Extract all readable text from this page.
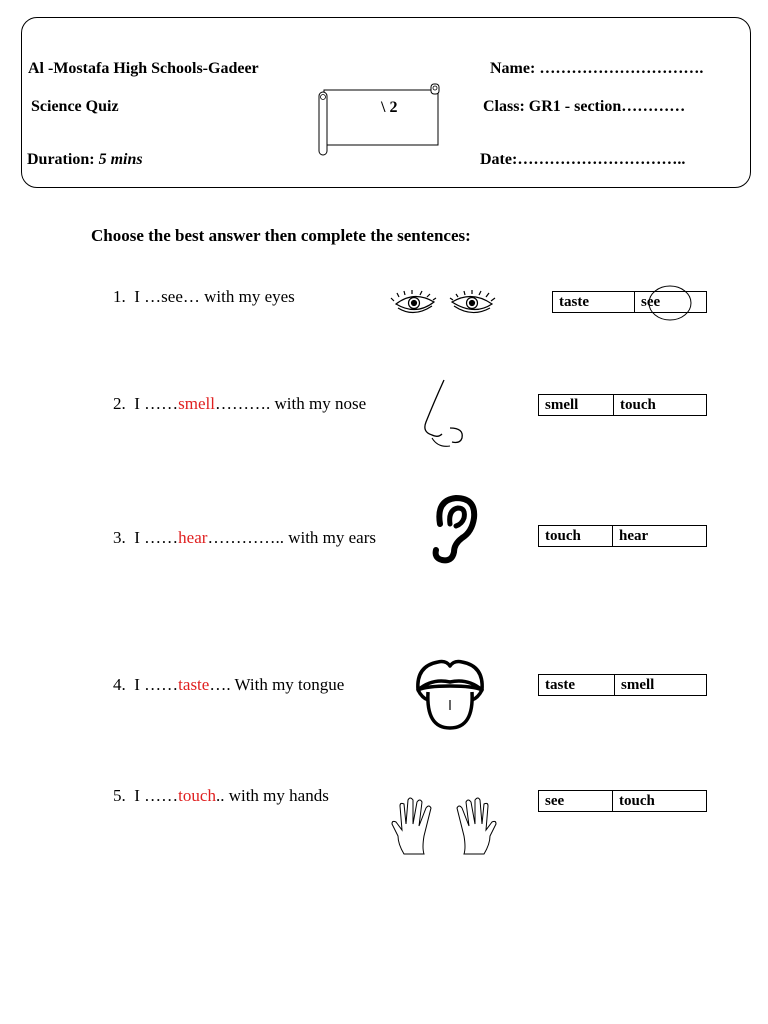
Al -Mostafa High Schools-Gadeer
Science Quiz
Duration: 5 mins
\ 2
Name: ………………………….
Class: GR1 - section…………
Date:…………………………..
Choose the best answer then complete the sentences:
1. I …see… with my eyes	taste	see
2. I ……smell………. with my nose	smell	touch
3. I ……hear………….. with my ears	touch	hear
4. I ……taste…. With my tongue	taste	smell
5. I ……touch.. with my hands	see	touch
